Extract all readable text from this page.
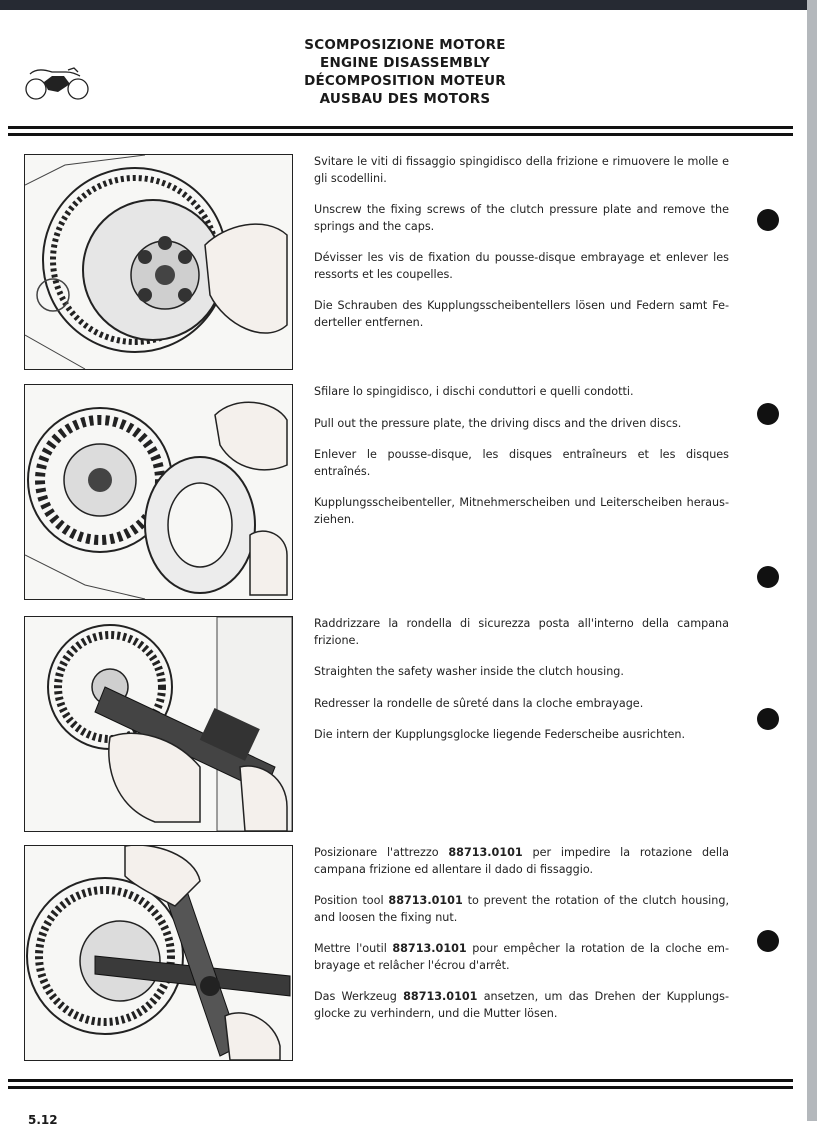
SCOMPOSIZIONE MOTORE
ENGINE DISASSEMBLY
DÉCOMPOSITION MOTEUR
AUSBAU DES MOTORS

Svitare le viti di fissaggio spingidisco della frizione e rimuovere le molle e gli scodellini.

Unscrew the fixing screws of the clutch pressure plate and remove the springs and the caps.

Dévisser les vis de fixation du pousse-disque embrayage et enlever les ressorts et les coupelles.

Die Schrauben des Kupplungsscheibentellers lösen und Federn samt Fe-derteller entfernen.

Sfilare lo spingidisco, i dischi conduttori e quelli condotti.

Pull out the pressure plate, the driving discs and the driven discs.

Enlever le pousse-disque, les disques entraîneurs et les disques entraînés.

Kupplungsscheibenteller, Mitnehmerscheiben und Leiterscheiben heraus-ziehen.

Raddrizzare la rondella di sicurezza posta all'interno della campana frizione.

Straighten the safety washer inside the clutch housing.

Redresser la rondelle de sûreté dans la cloche embrayage.

Die intern der Kupplungsglocke liegende Federscheibe ausrichten.

Posizionare l'attrezzo 88713.0101 per impedire la rotazione della campana frizione ed allentare il dado di fissaggio.

Position tool 88713.0101 to prevent the rotation of the clutch housing, and loosen the fixing nut.

Mettre l'outil 88713.0101 pour empêcher la rotation de la cloche em-brayage et relâcher l'écrou d'arrêt.

Das Werkzeug 88713.0101 ansetzen, um das Drehen der Kupplungs-glocke zu verhindern, und die Mutter lösen.

5.12
